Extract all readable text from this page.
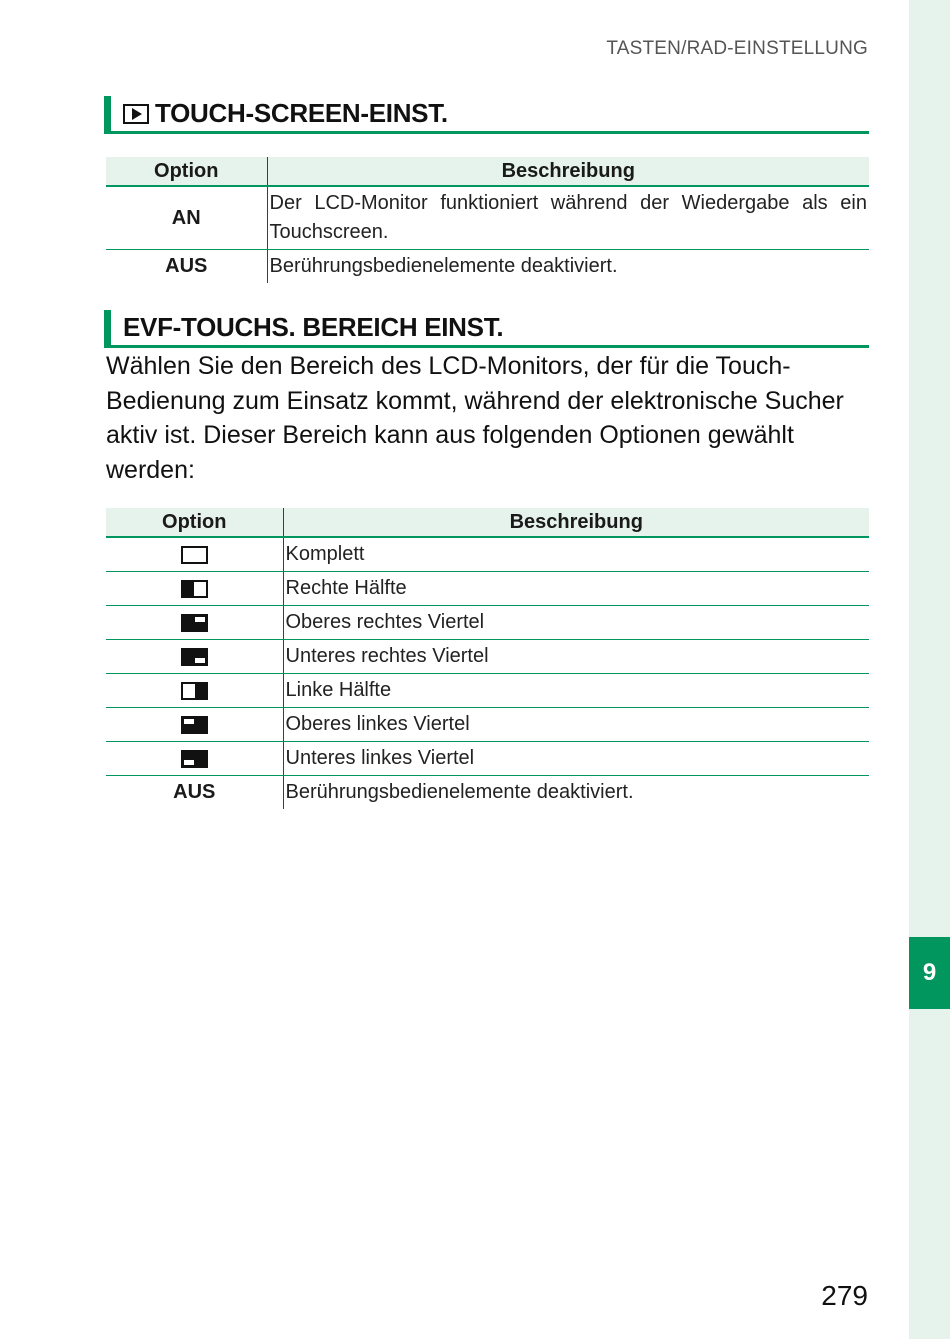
9
TASTEN/RAD-EINSTELLUNG
TOUCH-SCREEN-EINST.
Option	Beschreibung
AN	Der LCD-Monitor funktioniert während der Wiedergabe als ein Touchscreen.
AUS	Berührungsbedienelemente deaktiviert.
EVF-TOUCHS. BEREICH EINST.
Wählen Sie den Bereich des LCD-Monitors, der für die Touch-Bedienung zum Einsatz kommt, während der elektronische Sucher aktiv ist. Dieser Bereich kann aus folgenden Optionen gewählt werden:
Option	Beschreibung
	Komplett

	Rechte Hälfte

	Oberes rechtes Viertel

	Unteres rechtes Viertel

	Linke Hälfte

	Oberes linkes Viertel

	Unteres linkes Viertel
AUS	Berührungsbedienelemente deaktiviert.
279
